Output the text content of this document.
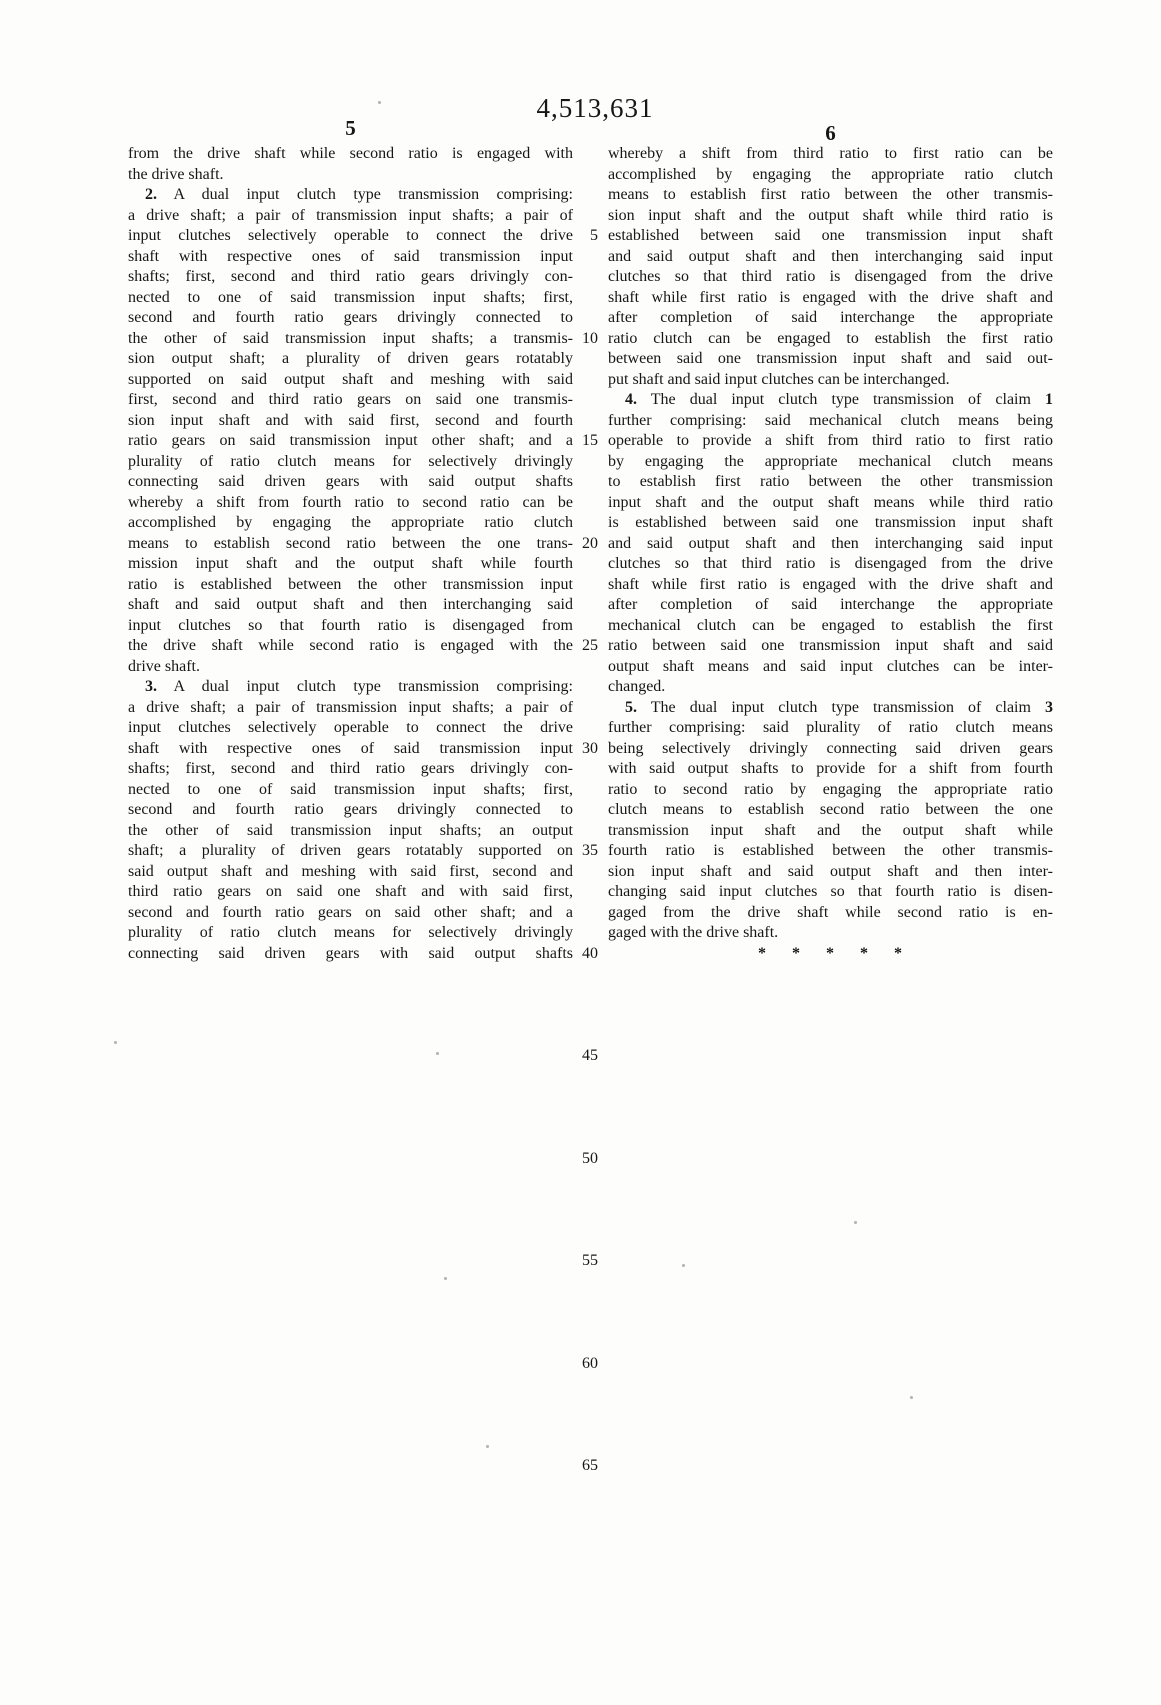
4,513,631
5	6
from the drive shaft while second ratio is engaged with
the drive shaft.
2. A dual input clutch type transmission comprising:
a drive shaft; a pair of transmission input shafts; a pair of
input clutches selectively operable to connect the drive
shaft with respective ones of said transmission input
shafts; first, second and third ratio gears drivingly con-
nected to one of said transmission input shafts; first,
second and fourth ratio gears drivingly connected to
the other of said transmission input shafts; a transmis-
sion output shaft; a plurality of driven gears rotatably
supported on said output shaft and meshing with said
first, second and third ratio gears on said one transmis-
sion input shaft and with said first, second and fourth
ratio gears on said transmission input other shaft; and a
plurality of ratio clutch means for selectively drivingly
connecting said driven gears with said output shafts
whereby a shift from fourth ratio to second ratio can be
accomplished by engaging the appropriate ratio clutch
means to establish second ratio between the one trans-
mission input shaft and the output shaft while fourth
ratio is established between the other transmission input
shaft and said output shaft and then interchanging said
input clutches so that fourth ratio is disengaged from
the drive shaft while second ratio is engaged with the
drive shaft.
3. A dual input clutch type transmission comprising:
a drive shaft; a pair of transmission input shafts; a pair of
input clutches selectively operable to connect the drive
shaft with respective ones of said transmission input
shafts; first, second and third ratio gears drivingly con-
nected to one of said transmission input shafts; first,
second and fourth ratio gears drivingly connected to
the other of said transmission input shafts; an output
shaft; a plurality of driven gears rotatably supported on
said output shaft and meshing with said first, second and
third ratio gears on said one shaft and with said first,
second and fourth ratio gears on said other shaft; and a
plurality of ratio clutch means for selectively drivingly
connecting said driven gears with said output shafts
whereby a shift from third ratio to first ratio can be
accomplished by engaging the appropriate ratio clutch
means to establish first ratio between the other transmis-
sion input shaft and the output shaft while third ratio is
established between said one transmission input shaft
and said output shaft and then interchanging said input
clutches so that third ratio is disengaged from the drive
shaft while first ratio is engaged with the drive shaft and
after completion of said interchange the appropriate
ratio clutch can be engaged to establish the first ratio
between said one transmission input shaft and said out-
put shaft and said input clutches can be interchanged.
4. The dual input clutch type transmission of claim 1
further comprising: said mechanical clutch means being
operable to provide a shift from third ratio to first ratio
by engaging the appropriate mechanical clutch means
to establish first ratio between the other transmission
input shaft and the output shaft means while third ratio
is established between said one transmission input shaft
and said output shaft and then interchanging said input
clutches so that third ratio is disengaged from the drive
shaft while first ratio is engaged with the drive shaft and
after completion of said interchange the appropriate
mechanical clutch can be engaged to establish the first
ratio between said one transmission input shaft and said
output shaft means and said input clutches can be inter-
changed.
5. The dual input clutch type transmission of claim 3
further comprising: said plurality of ratio clutch means
being selectively drivingly connecting said driven gears
with said output shafts to provide for a shift from fourth
ratio to second ratio by engaging the appropriate ratio
clutch means to establish second ratio between the one
transmission input shaft and the output shaft while
fourth ratio is established between the other transmis-
sion input shaft and said output shaft and then inter-
changing said input clutches so that fourth ratio is disen-
gaged from the drive shaft while second ratio is en-
gaged with the drive shaft.
* * * * *
5
10
15
20
25
30
35
40
45
50
55
60
65
